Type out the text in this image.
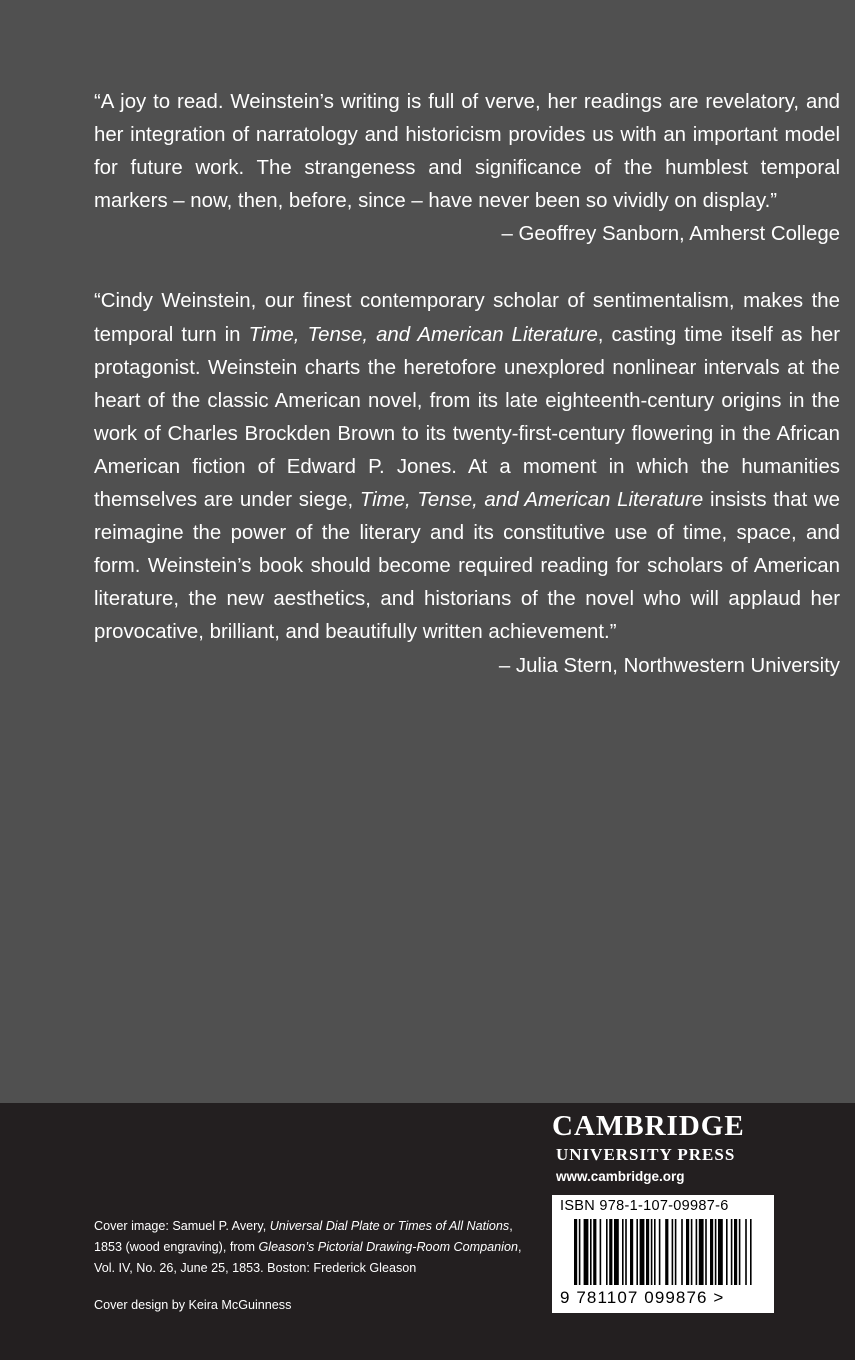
“A joy to read. Weinstein’s writing is full of verve, her readings are revelatory, and her integration of narratology and historicism provides us with an important model for future work. The strangeness and significance of the humblest temporal markers – now, then, before, since – have never been so vividly on display.”

– Geoffrey Sanborn, Amherst College

“Cindy Weinstein, our finest contemporary scholar of sentimentalism, makes the temporal turn in Time, Tense, and American Literature, casting time itself as her protagonist. Weinstein charts the heretofore unexplored nonlinear intervals at the heart of the classic American novel, from its late eighteenth-century origins in the work of Charles Brockden Brown to its twenty-first-century flowering in the African American fiction of Edward P. Jones. At a moment in which the humanities themselves are under siege, Time, Tense, and American Literature insists that we reimagine the power of the literary and its constitutive use of time, space, and form. Weinstein’s book should become required reading for scholars of American literature, the new aesthetics, and historians of the novel who will applaud her provocative, brilliant, and beautifully written achievement.”

– Julia Stern, Northwestern University

Cover image: Samuel P. Avery, Universal Dial Plate or Times of All Nations, 1853 (wood engraving), from Gleason’s Pictorial Drawing-Room Companion, Vol. IV, No. 26, June 25, 1853. Boston: Frederick Gleason
Cover design by Keira McGuinness
CAMBRIDGE
UNIVERSITY PRESS
www.cambridge.org
ISBN 978-1-107-09987-6
9 781107 099876 >
